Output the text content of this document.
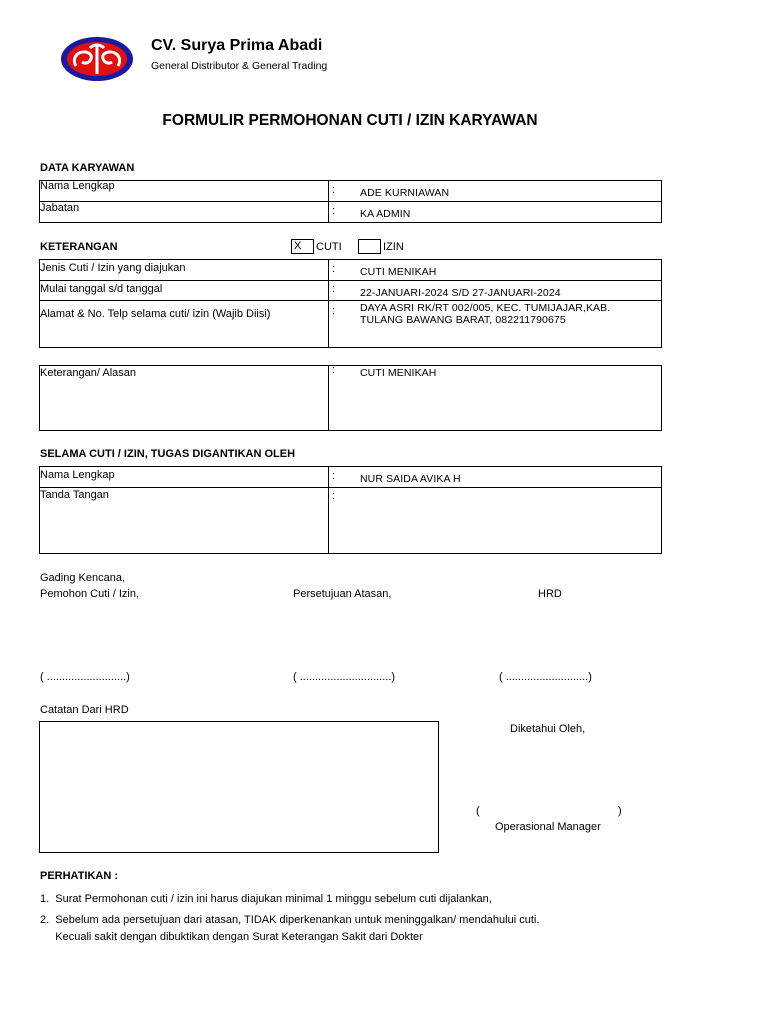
CV. Surya Prima Abadi
General Distributor & General Trading
FORMULIR PERMOHONAN CUTI / IZIN KARYAWAN
DATA KARYAWAN
Nama Lengkap	: ADE KURNIAWAN
Jabatan	: KA ADMIN
KETERANGAN	X	CUTI	IZIN
Jenis Cuti / Izin yang diajukan	: CUTI MENIKAH
Mulai tanggal s/d tanggal	: 22-JANUARI-2024 S/D 27-JANUARI-2024
Alamat & No. Telp selama cuti/ izin (Wajib Diisi)	: DAYA ASRI RK/RT 002/005, KEC. TUMIJAJAR,KAB.
TULANG BAWANG BARAT, 082211790675
Keterangan/ Alasan	: CUTI MENIKAH
SELAMA CUTI / IZIN, TUGAS DIGANTIKAN OLEH
Nama Lengkap	: NUR SAIDA AVIKA H
Tanda Tangan	:
Gading Kencana,
Pemohon Cuti / Izin,	Persetujuan Atasan,	HRD
( ..........................)	( ..............................)	( ...........................)
Catatan Dari HRD
Diketahui Oleh,
(	)
Operasional Manager
PERHATIKAN :
1.  Surat Permohonan cuti / izin ini harus diajukan minimal 1 minggu sebelum cuti dijalankan,
2.  Sebelum ada persetujuan dari atasan, TIDAK diperkenankan untuk meninggalkan/ mendahului cuti.
Kecuali sakit dengan dibuktikan dengan Surat Keterangan Sakit dari Dokter
